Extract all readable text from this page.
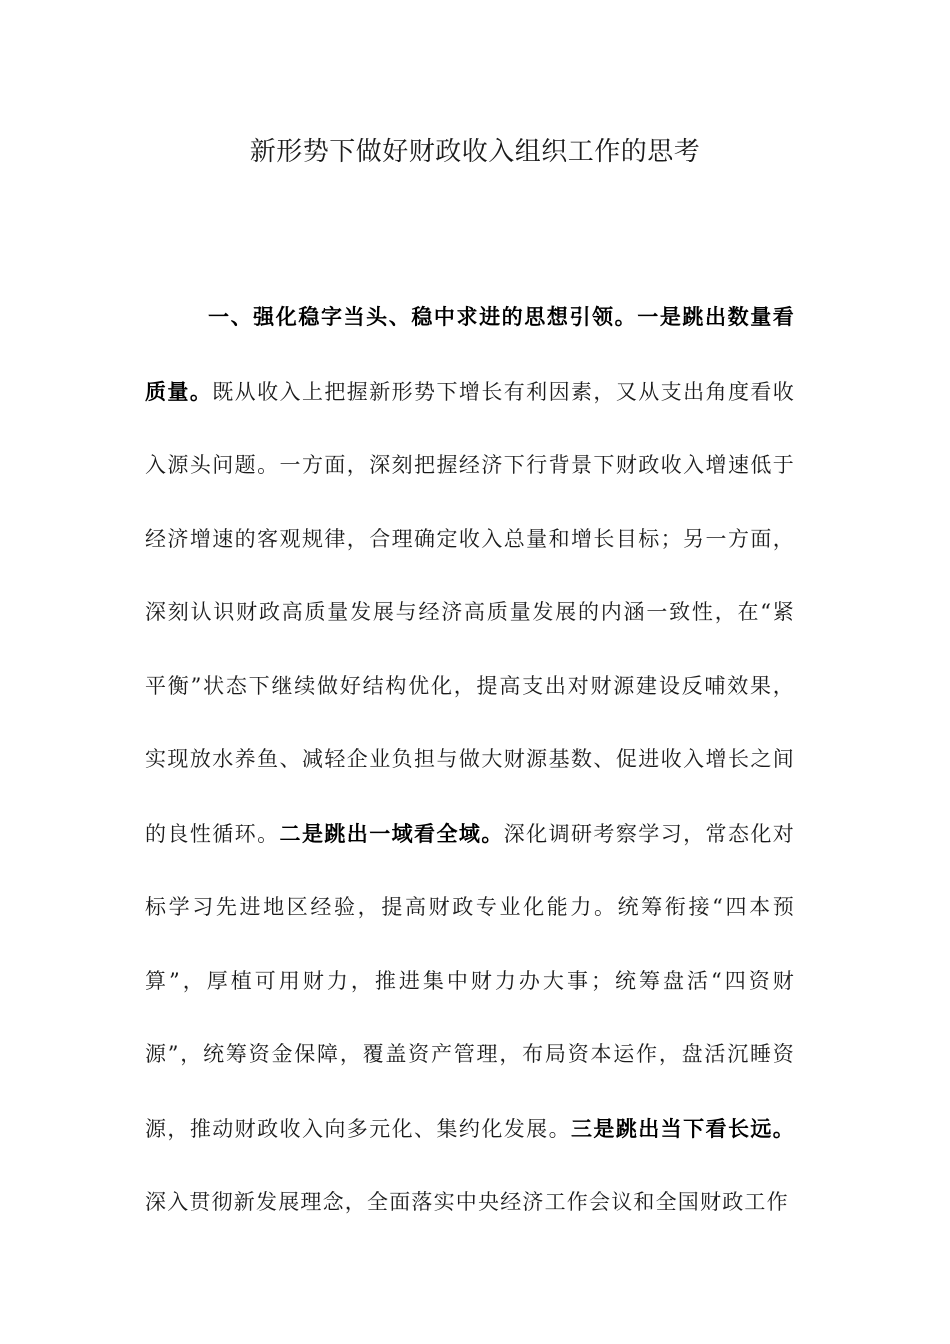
新形势下做好财政收入组织工作的思考

一、强化稳字当头、稳中求进的思想引领。一是跳出数量看质量。既从收入上把握新形势下增长有利因素，又从支出角度看收入源头问题。一方面，深刻把握经济下行背景下财政收入增速低于经济增速的客观规律，合理确定收入总量和增长目标；另一方面，深刻认识财政高质量发展与经济高质量发展的内涵一致性，在“紧平衡”状态下继续做好结构优化，提高支出对财源建设反哺效果，实现放水养鱼、减轻企业负担与做大财源基数、促进收入增长之间的良性循环。二是跳出一域看全域。深化调研考察学习，常态化对标学习先进地区经验，提高财政专业化能力。统筹衔接“四本预算”，厚植可用财力，推进集中财力办大事；统筹盘活“四资财源”，统筹资金保障，覆盖资产管理，布局资本运作，盘活沉睡资源，推动财政收入向多元化、集约化发展。三是跳出当下看长远。深入贯彻新发展理念，全面落实中央经济工作会议和全国财政工作
